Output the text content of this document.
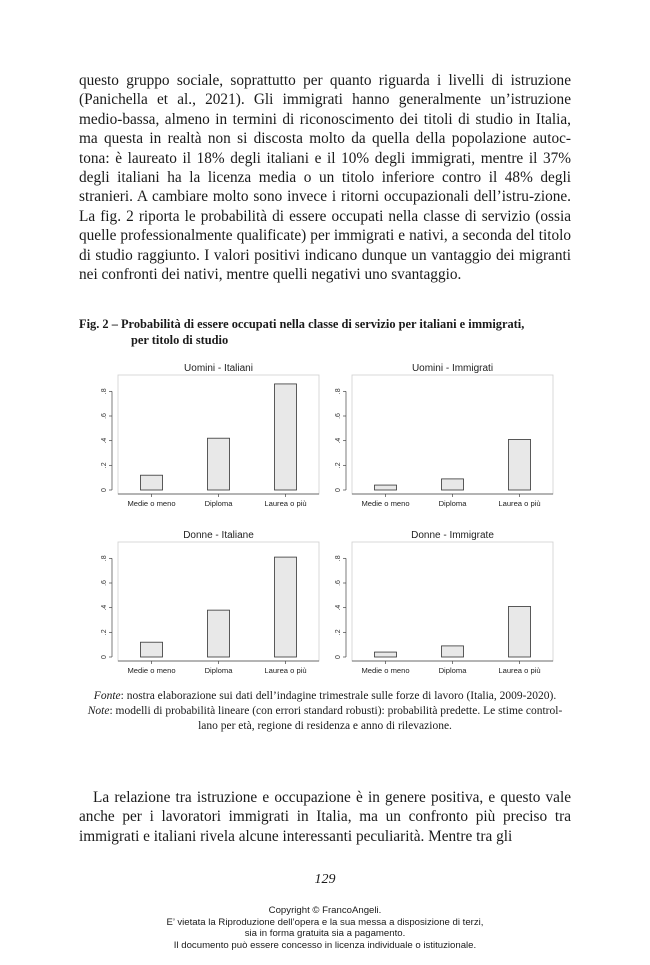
questo gruppo sociale, soprattutto per quanto riguarda i livelli di istruzione (Panichella et al., 2021). Gli immigrati hanno generalmente un’istruzione medio-bassa, almeno in termini di riconoscimento dei titoli di studio in Italia, ma questa in realtà non si discosta molto da quella della popolazione autoc-tona: è laureato il 18% degli italiani e il 10% degli immigrati, mentre il 37% degli italiani ha la licenza media o un titolo inferiore contro il 48% degli stranieri. A cambiare molto sono invece i ritorni occupazionali dell’istru-zione. La fig. 2 riporta le probabilità di essere occupati nella classe di servizio (ossia quelle professionalmente qualificate) per immigrati e nativi, a seconda del titolo di studio raggiunto. I valori positivi indicano dunque un vantaggio dei migranti nei confronti dei nativi, mentre quelli negativi uno svantaggio.

Fig. 2 – Probabilità di essere occupati nella classe di servizio per italiani e immigrati,
per titolo di studio
Uomini - Italiani
0
.2
.4
.6
.8
Medie o meno	Diploma	Laurea o più
Uomini - Immigrati
0
.2
.4
.6
.8
Medie o meno	Diploma	Laurea o più
Donne - Italiane
0
.2
.4
.6
.8
Medie o meno	Diploma	Laurea o più
Donne - Immigrate
0
.2
.4
.6
.8
Medie o meno	Diploma	Laurea o più

Fonte: nostra elaborazione sui dati dell’indagine trimestrale sulle forze di lavoro (Italia, 2009-2020).

Note: modelli di probabilità lineare (con errori standard robusti): probabilità predette. Le stime control-

lano per età, regione di residenza e anno di rilevazione.

La relazione tra istruzione e occupazione è in genere positiva, e questo vale anche per i lavoratori immigrati in Italia, ma un confronto più preciso tra immigrati e italiani rivela alcune interessanti peculiarità. Mentre tra gli

129
Copyright © FrancoAngeli.
E’ vietata la Riproduzione dell’opera e la sua messa a disposizione di terzi,
sia in forma gratuita sia a pagamento.
Il documento può essere concesso in licenza individuale o istituzionale.
